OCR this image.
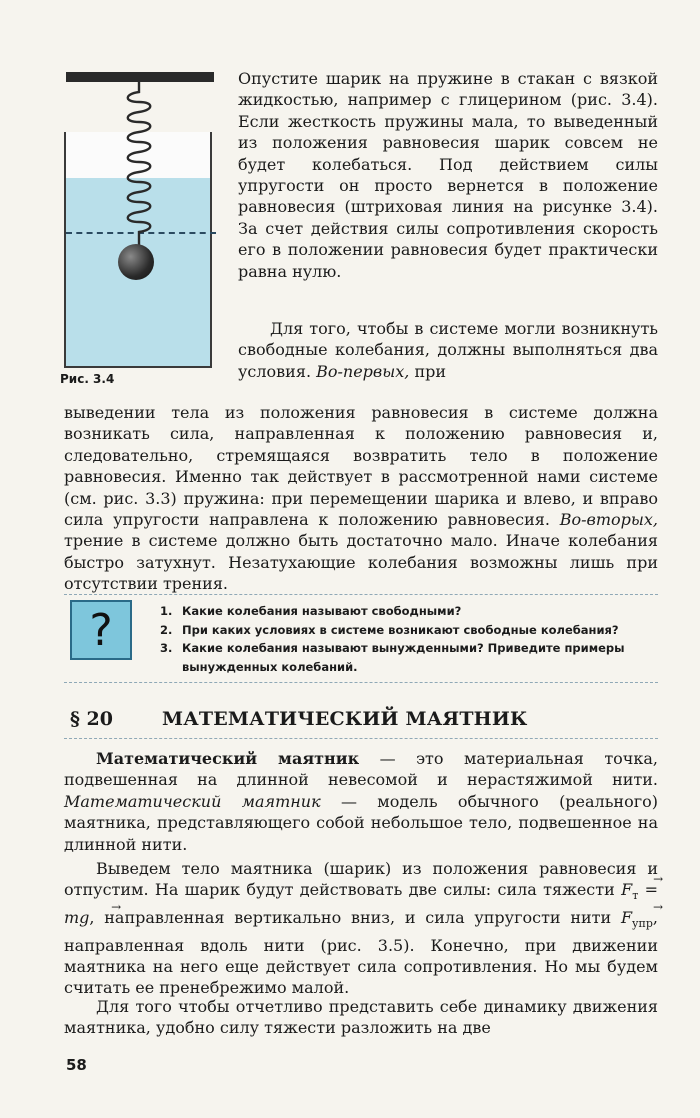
Рис. 3.4

Опустите шарик на пружине в стакан с вязкой жидкостью, например с глицерином (рис. 3.4). Если жесткость пружины мала, то выведенный из положения равновесия шарик совсем не будет колебаться. Под действием силы упругости он просто вернется в положение равновесия (штриховая линия на рисунке 3.4). За счет действия силы сопротивления скорость его в положении равновесия будет практически равна нулю.

Для того, чтобы в системе могли возникнуть свободные колебания, должны выполняться два условия. Во-первых, при

выведении тела из положения равновесия в системе должна возникать сила, направленная к положению равновесия и, следовательно, стремящаяся возвратить тело в положение равновесия. Именно так действует в рассмотренной нами системе (см. рис. 3.3) пружина: при перемещении шарика и влево, и вправо сила упругости направлена к положению равновесия. Во-вторых, трение в системе должно быть достаточно мало. Иначе колебания быстро затухнут. Незатухающие колебания возможны лишь при отсутствии трения.

?	1. Какие колебания называют свободными?
2. При каких условиях в системе возникают свободные колебания?
3. Какие колебания называют вынужденными? Приведите примеры вынужденных колебаний.
§ 20	МАТЕМАТИЧЕСКИЙ МАЯТНИК

Математический маятник — это материальная точка, подвешенная на длинной невесомой и нерастяжимой нити. Математический маятник — модель обычного (реального) маятника, представляющего собой небольшое тело, подвешенное на длинной нити.

Выведем тело маятника (шарик) из положения равновесия и отпустим. На шарик будут действовать две силы: сила тяжести → $F_т = m\to g$, направленная вертикально вниз, и сила упругости нити → $F_{упр}$, направленная вдоль нити (рис. 3.5). Конечно, при движении маятника на него еще действует сила сопротивления. Но мы будем считать ее пренебрежимо малой.

Для того чтобы отчетливо представить себе динамику движения маятника, удобно силу тяжести разложить на две

58
